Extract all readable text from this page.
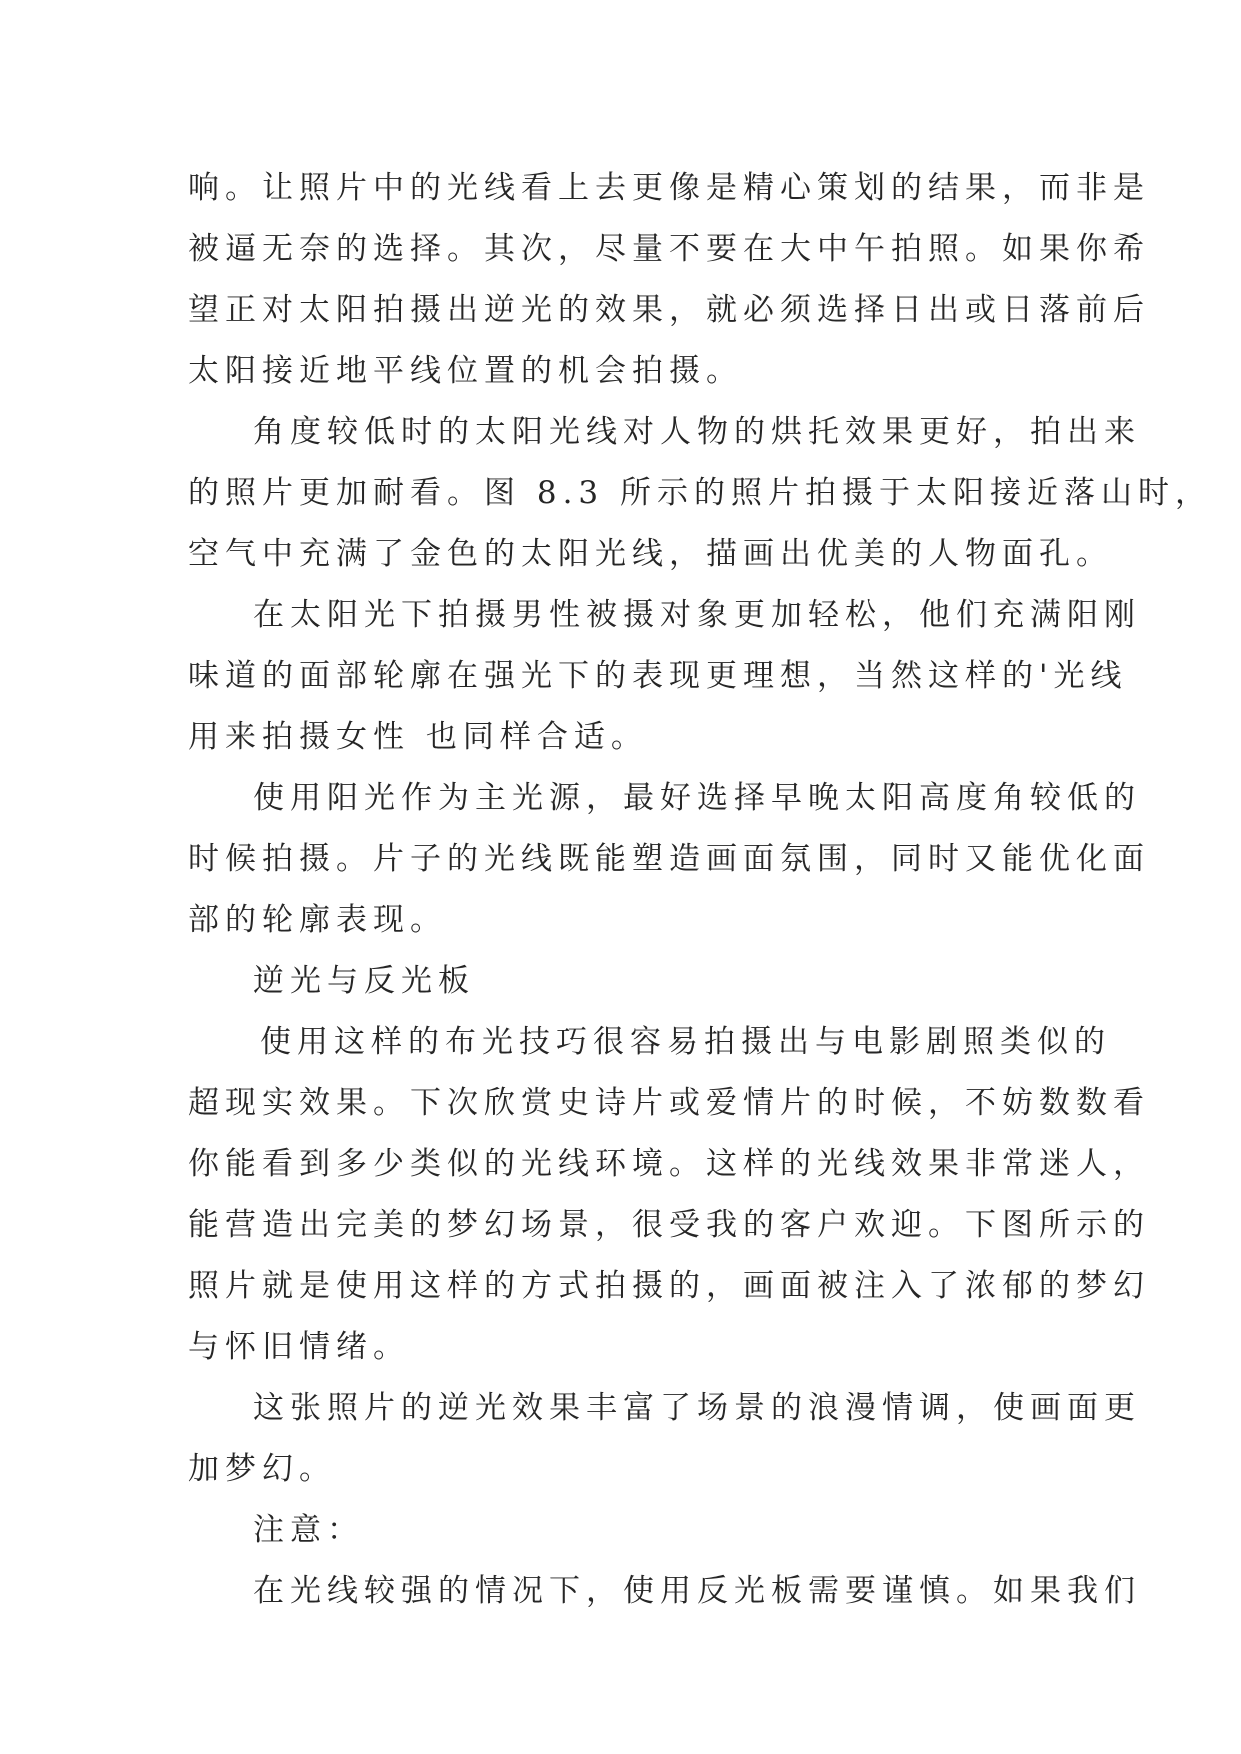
响。让照片中的光线看上去更像是精心策划的结果，而非是
被逼无奈的选择。其次，尽量不要在大中午拍照。如果你希
望正对太阳拍摄出逆光的效果，就必须选择日出或日落前后
太阳接近地平线位置的机会拍摄。
角度较低时的太阳光线对人物的烘托效果更好，拍出来
的照片更加耐看。图 8.3 所示的照片拍摄于太阳接近落山时，
空气中充满了金色的太阳光线，描画出优美的人物面孔。
在太阳光下拍摄男性被摄对象更加轻松，他们充满阳刚
味道的面部轮廓在强光下的表现更理想，当然这样的'光线
用来拍摄女性 也同样合适。
使用阳光作为主光源，最好选择早晚太阳高度角较低的
时候拍摄。片子的光线既能塑造画面氛围，同时又能优化面
部的轮廓表现。
逆光与反光板
使用这样的布光技巧很容易拍摄出与电影剧照类似的
超现实效果。下次欣赏史诗片或爱情片的时候，不妨数数看
你能看到多少类似的光线环境。这样的光线效果非常迷人，
能营造出完美的梦幻场景，很受我的客户欢迎。下图所示的
照片就是使用这样的方式拍摄的，画面被注入了浓郁的梦幻
与怀旧情绪。
这张照片的逆光效果丰富了场景的浪漫情调，使画面更
加梦幻。
注意：
在光线较强的情况下，使用反光板需要谨慎。如果我们
